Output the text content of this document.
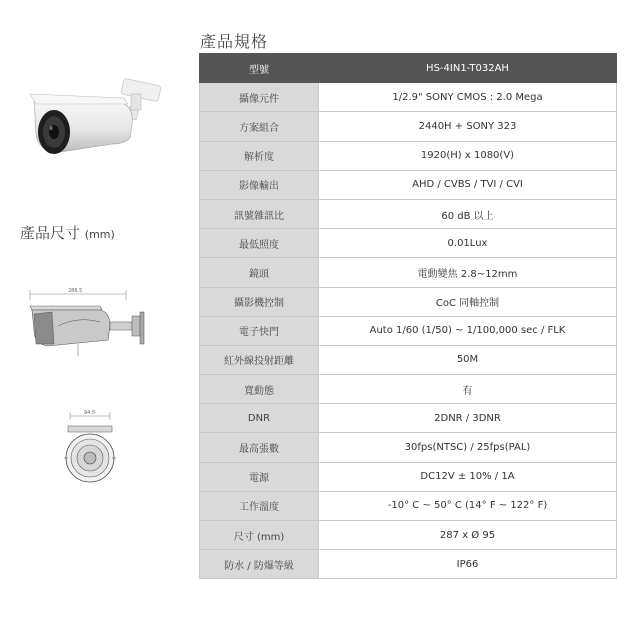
產品規格
產品尺寸 (mm)
286.5
94.5
型號	HS-4IN1-T032AH
攝像元件	1/2.9" SONY CMOS : 2.0 Mega
方案組合	2440H + SONY 323
解析度	1920(H) x 1080(V)
影像輸出	AHD / CVBS / TVI / CVI
訊號雜訊比	60 dB 以上
最低照度	0.01Lux
鏡頭	電動變焦 2.8~12mm
攝影機控制	CoC 同軸控制
電子快門	Auto 1/60 (1/50) ~ 1/100,000 sec / FLK
紅外線投射距離	50M
寬動態	有
DNR	2DNR / 3DNR
最高張數	30fps(NTSC) / 25fps(PAL)
電源	DC12V ± 10% / 1A
工作溫度	-10° C ~ 50° C (14° F ~ 122° F)
尺寸 (mm)	287 x Ø 95
防水 / 防爆等級	IP66
